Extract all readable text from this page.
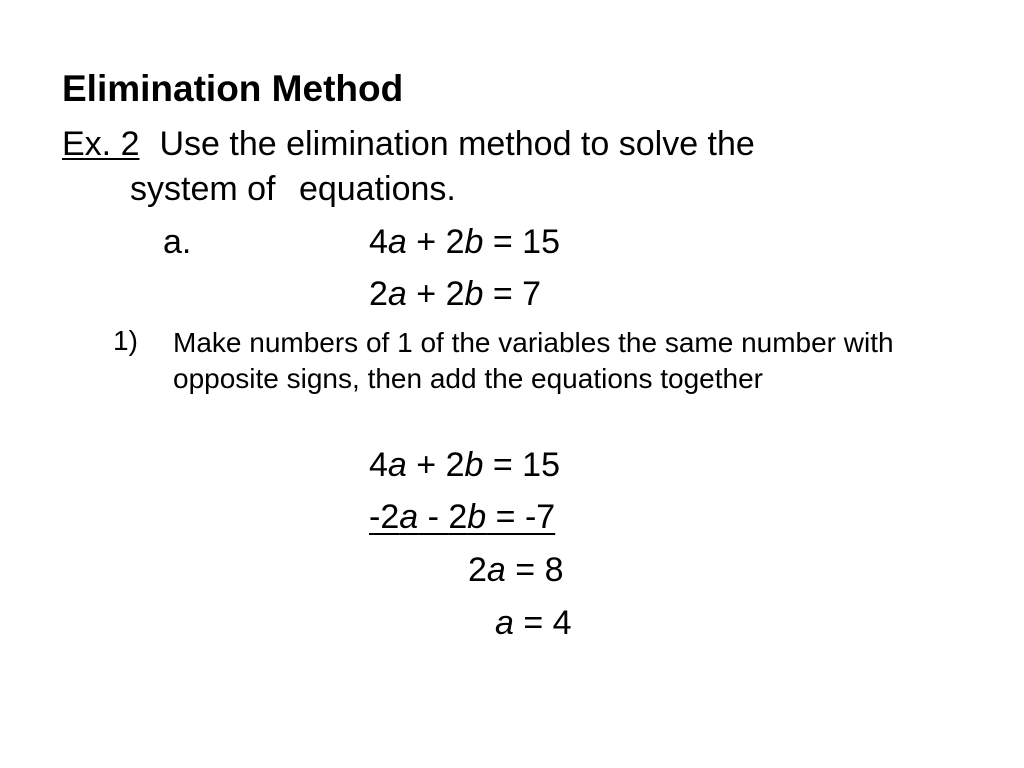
Elimination Method
Ex. 2 Use the elimination method to solve the
system of equations.
a.	4a + 2b = 15
2a + 2b = 7
1) Make numbers of 1 of the variables the same number with opposite signs, then add the equations together
4a + 2b = 15
-2a - 2b = -7
2a = 8
a = 4
